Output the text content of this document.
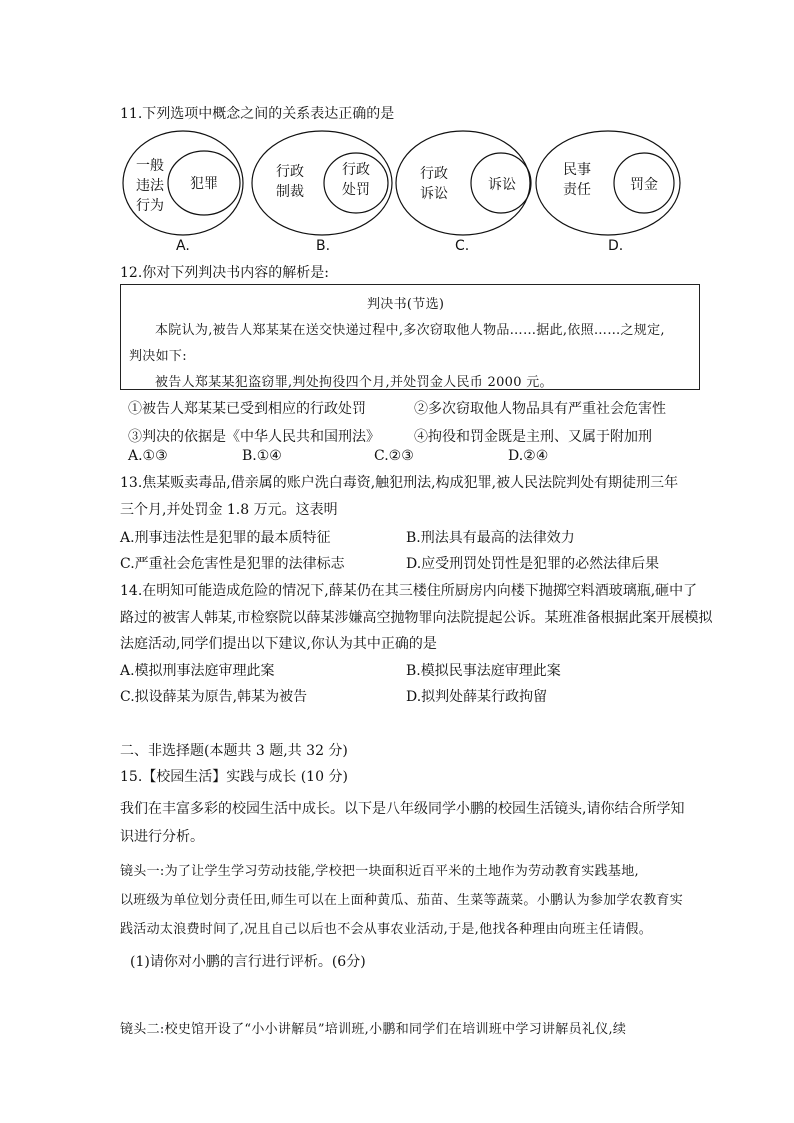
11.下列选项中概念之间的关系表达正确的是
一般
违法
行为
犯罪
A.
行政
制裁
行政
处罚
B.
行政
诉讼
诉讼
C.
民事
责任	罚金
D.
12.你对下列判决书内容的解析是:
判决书(节选)
本院认为,被告人郑某某在送交快递过程中,多次窃取他人物品……据此,依照……之规定,
判决如下:
被告人郑某某犯盗窃罪,判处拘役四个月,并处罚金人民币 2000 元。
①被告人郑某某已受到相应的行政处罚	②多次窃取他人物品具有严重社会危害性
③判决的依据是《中华人民共和国刑法》 ④拘役和罚金既是主刑、又属于附加刑
A.①③	B.①④	C.②③	D.②④
13.焦某贩卖毒品,借亲属的账户洗白毒资,触犯刑法,构成犯罪,被人民法院判处有期徒刑三年
三个月,并处罚金 1.8 万元。这表明
A.刑事违法性是犯罪的最本质特征	B.刑法具有最高的法律效力
C.严重社会危害性是犯罪的法律标志	D.应受刑罚处罚性是犯罪的必然法律后果
14.在明知可能造成危险的情况下,薛某仍在其三楼住所厨房内向楼下抛掷空料酒玻璃瓶,砸中了
路过的被害人韩某,市检察院以薛某涉嫌高空抛物罪向法院提起公诉。某班准备根据此案开展模拟
法庭活动,同学们提出以下建议,你认为其中正确的是
A.模拟刑事法庭审理此案	B.模拟民事法庭审理此案
C.拟设薛某为原告,韩某为被告	D.拟判处薛某行政拘留
二、非选择题(本题共 3 题,共 32 分)
15.【校园生活】实践与成长 (10 分)
我们在丰富多彩的校园生活中成长。以下是八年级同学小鹏的校园生活镜头,请你结合所学知
识进行分析。
镜头一:为了让学生学习劳动技能,学校把一块面积近百平米的土地作为劳动教育实践基地,
以班级为单位划分责任田,师生可以在上面种黄瓜、茄苗、生菜等蔬菜。小鹏认为参加学农教育实
践活动太浪费时间了,况且自己以后也不会从事农业活动,于是,他找各种理由向班主任请假。
(1)请你对小鹏的言行进行评析。(6分)
镜头二:校史馆开设了“小小讲解员”培训班,小鹏和同学们在培训班中学习讲解员礼仪,续
